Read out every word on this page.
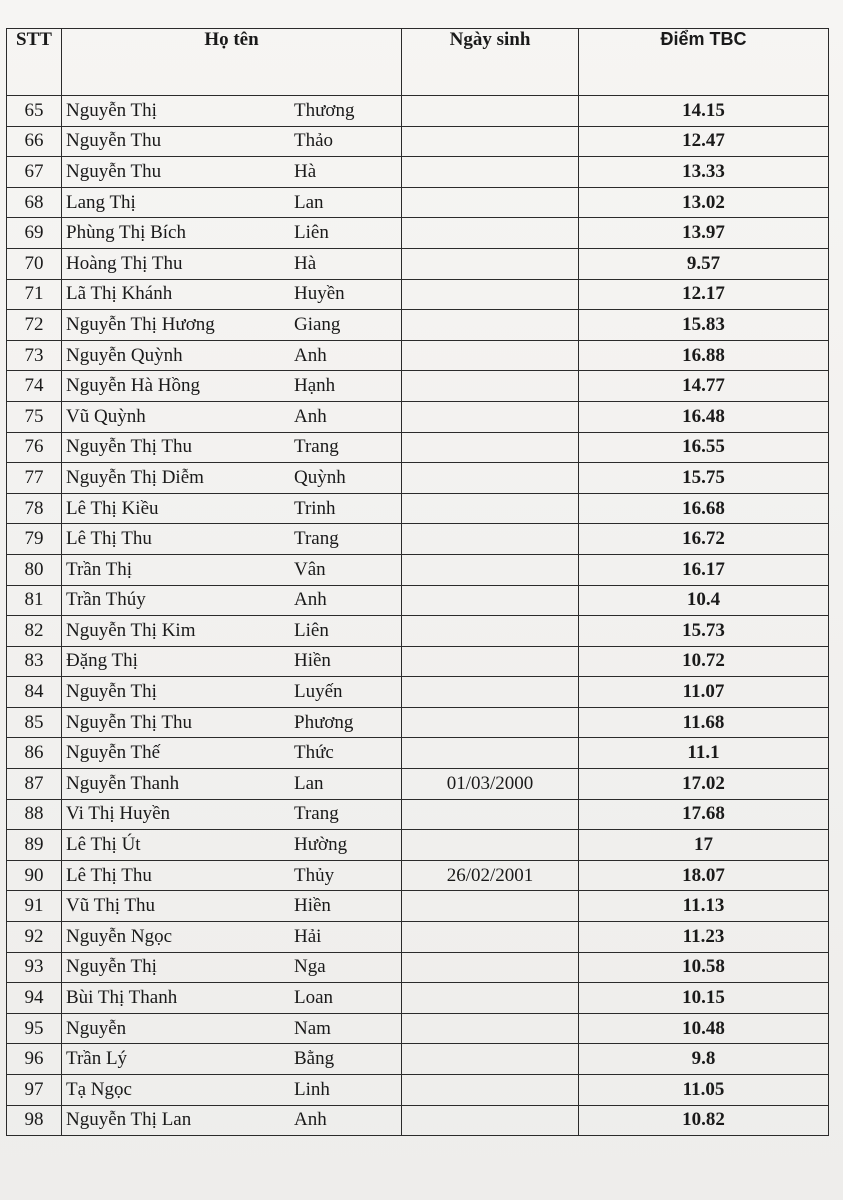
STT	Họ tên	Ngày sinh	Điểm TBC
65	Nguyễn Thị Thương		14.15
66	Nguyễn Thu Thảo		12.47
67	Nguyễn Thu Hà		13.33
68	Lang Thị Lan		13.02
69	Phùng Thị Bích Liên		13.97
70	Hoàng Thị Thu Hà		9.57
71	Lã Thị Khánh Huyền		12.17
72	Nguyễn Thị Hương Giang		15.83
73	Nguyễn Quỳnh Anh		16.88
74	Nguyễn Hà Hồng Hạnh		14.77
75	Vũ Quỳnh Anh		16.48
76	Nguyễn Thị Thu Trang		16.55
77	Nguyễn Thị Diễm Quỳnh		15.75
78	Lê Thị Kiều Trinh		16.68
79	Lê Thị Thu Trang		16.72
80	Trần Thị Vân		16.17
81	Trần Thúy Anh		10.4
82	Nguyễn Thị Kim Liên		15.73
83	Đặng Thị Hiền		10.72
84	Nguyễn Thị Luyến		11.07
85	Nguyễn Thị Thu Phương		11.68
86	Nguyễn Thế Thức		11.1
87	Nguyễn Thanh Lan	01/03/2000	17.02
88	Vi Thị Huyền Trang		17.68
89	Lê Thị Út Hường		17
90	Lê Thị Thu Thủy	26/02/2001	18.07
91	Vũ Thị Thu Hiền		11.13
92	Nguyễn Ngọc Hải		11.23
93	Nguyễn Thị Nga		10.58
94	Bùi Thị Thanh Loan		10.15
95	Nguyễn Nam		10.48
96	Trần Lý Bằng		9.8
97	Tạ Ngọc Linh		11.05
98	Nguyễn Thị Lan Anh		10.82
